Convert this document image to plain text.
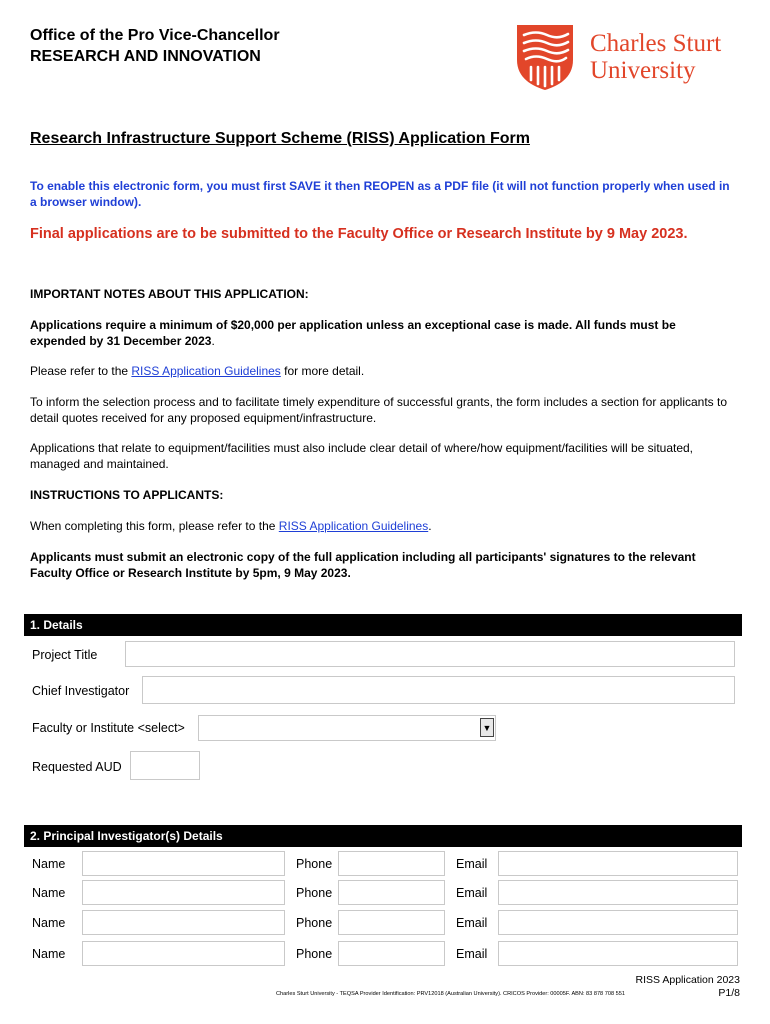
Office of the Pro Vice-Chancellor
RESEARCH AND INNOVATION	Charles Sturt
University
Research Infrastructure Support Scheme (RISS) Application Form
To enable this electronic form, you must first SAVE it then REOPEN as a PDF file (it will not function properly when used in a browser window).
Final applications are to be submitted to the Faculty Office or Research Institute by 9 May 2023.
IMPORTANT NOTES ABOUT THIS APPLICATION:
Applications require a minimum of $20,000 per application unless an exceptional case is made. All funds must be expended by 31 December 2023.
Please refer to the RISS Application Guidelines for more detail.
To inform the selection process and to facilitate timely expenditure of successful grants, the form includes a section for applicants to detail quotes received for any proposed equipment/infrastructure.
Applications that relate to equipment/facilities must also include clear detail of where/how equipment/facilities will be situated, managed and maintained.
INSTRUCTIONS TO APPLICANTS:
When completing this form, please refer to the RISS Application Guidelines.
Applicants must submit an electronic copy of the full application including all participants' signatures to the relevant Faculty Office or Research Institute by 5pm, 9 May 2023.
1. Details
Project Title
Chief Investigator
Faculty or Institute <select>	▼
Requested AUD
2. Principal Investigator(s) Details
Name	Phone	Email
Name	Phone	Email
Name	Phone	Email
Name	Phone	Email
RISS Application 2023
Charles Sturt University - TEQSA Provider Identification: PRV12018 (Australian University). CRICOS Provider: 00005F. ABN: 83 878 708 551	P1/8
